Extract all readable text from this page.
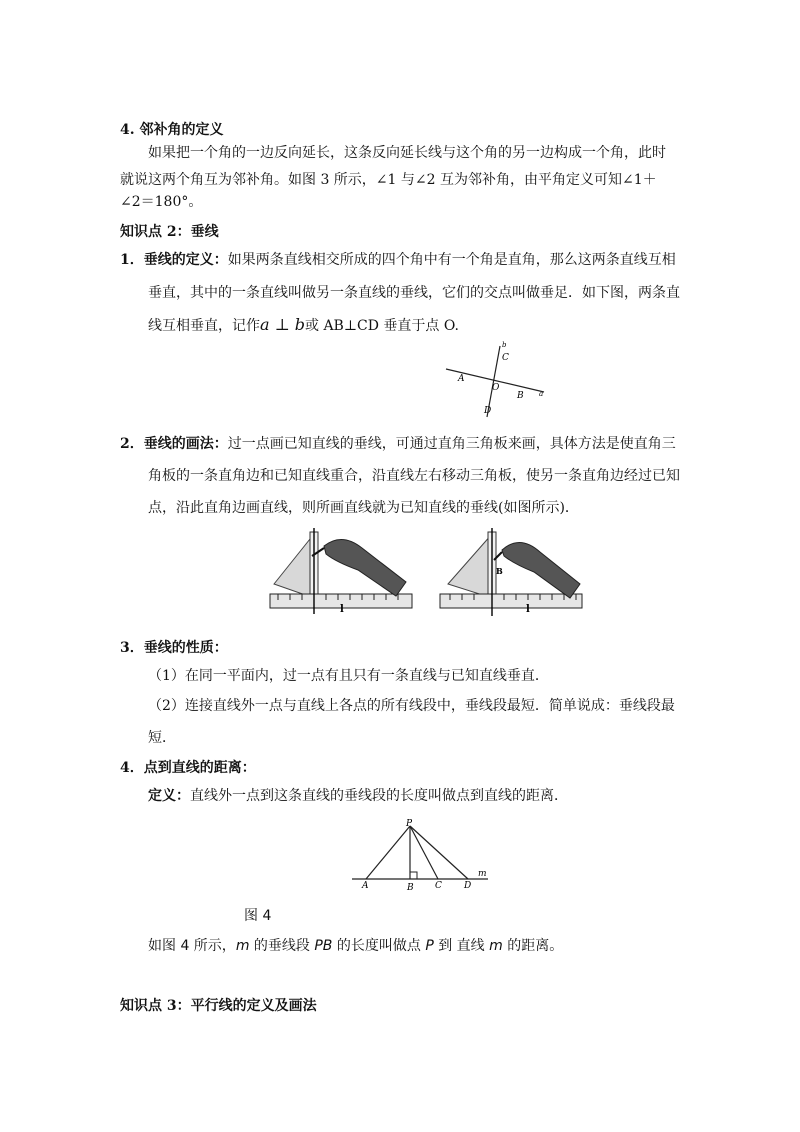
4. 邻补角的定义
如果把一个角的一边反向延长，这条反向延长线与这个角的另一边构成一个角，此时
就说这两个角互为邻补角。如图 3 所示，∠1 与∠2 互为邻补角，由平角定义可知∠1＋
∠2＝180°。
知识点 2：垂线
1．垂线的定义：如果两条直线相交所成的四个角中有一个角是直角，那么这两条直线互相
垂直，其中的一条直线叫做另一条直线的垂线，它们的交点叫做垂足．如下图，两条直
线互相垂直，记作a ⊥ b或 AB⊥CD 垂直于点 O.
b
C
A
O
B a
D
2．垂线的画法：过一点画已知直线的垂线，可通过直角三角板来画，具体方法是使直角三
角板的一条直角边和已知直线重合，沿直线左右移动三角板，使另一条直角边经过已知
点，沿此直角边画直线，则所画直线就为已知直线的垂线(如图所示)．
l
B
l
3．垂线的性质：
（1）在同一平面内，过一点有且只有一条直线与已知直线垂直．
（2）连接直线外一点与直线上各点的所有线段中，垂线段最短．简单说成：垂线段最
短．
4．点到直线的距离：
定义：直线外一点到这条直线的垂线段的长度叫做点到直线的距离．
P
A	B C D
m
图 4
如图 4 所示，m 的垂线段 PB 的长度叫做点 P 到 直线 m 的距离。
知识点 3：平行线的定义及画法
